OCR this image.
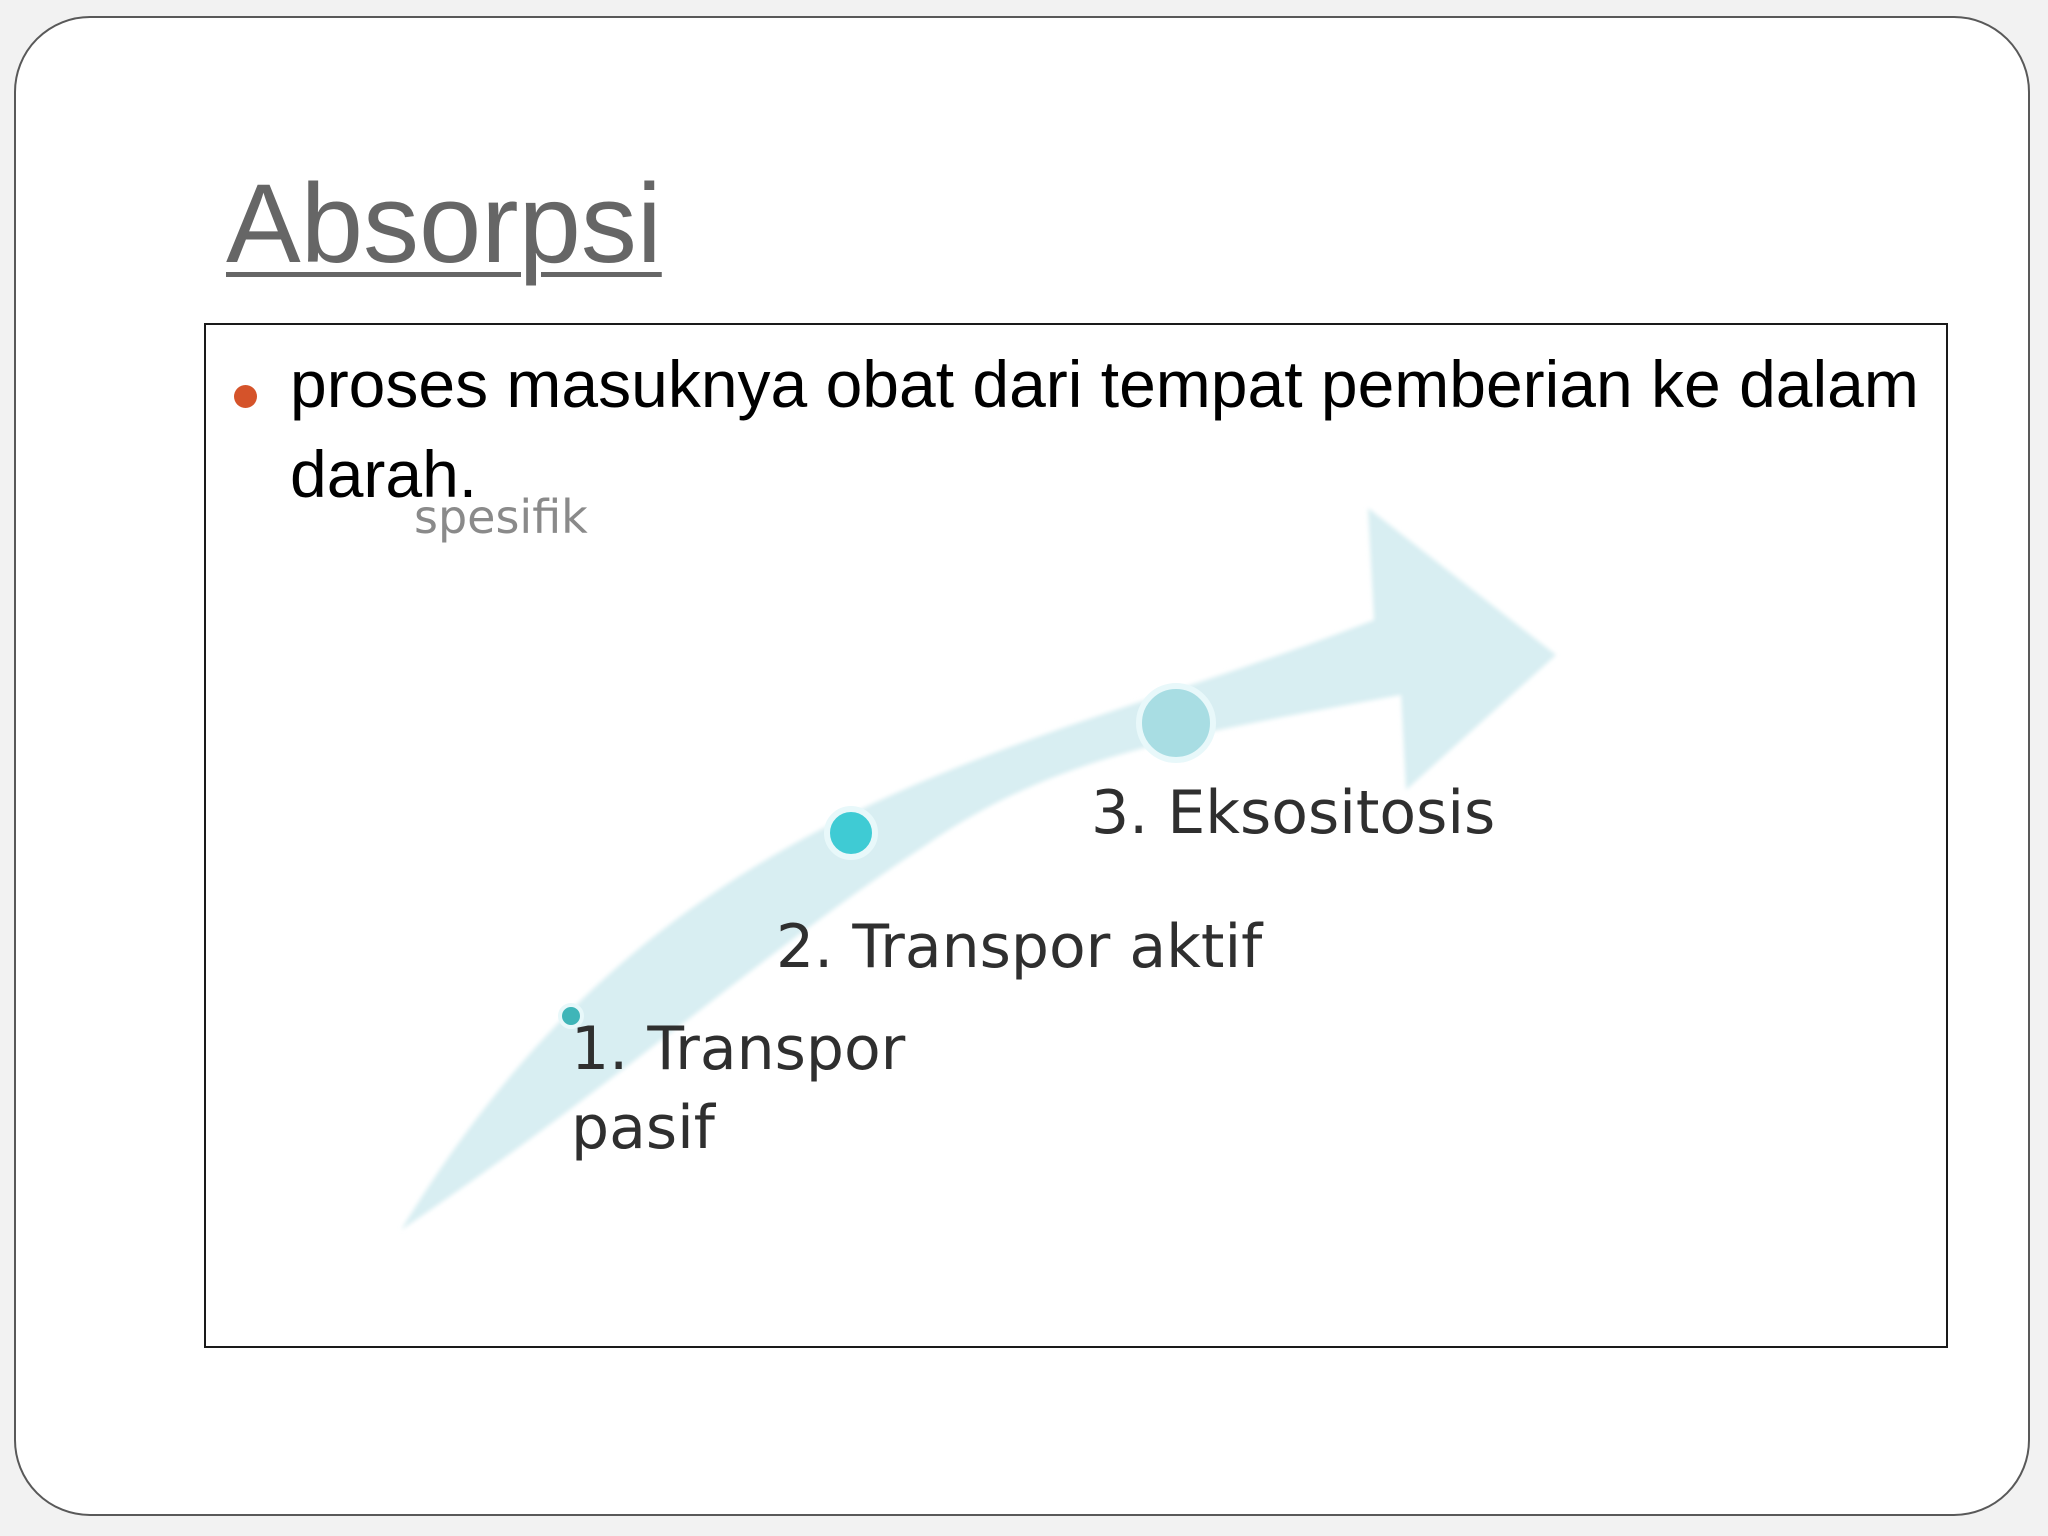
Absorpsi
spesifik
1. Transpor
pasif
2. Transpor aktif
3. Eksositosis

proses masuknya obat dari tempat pemberian ke dalam darah.
